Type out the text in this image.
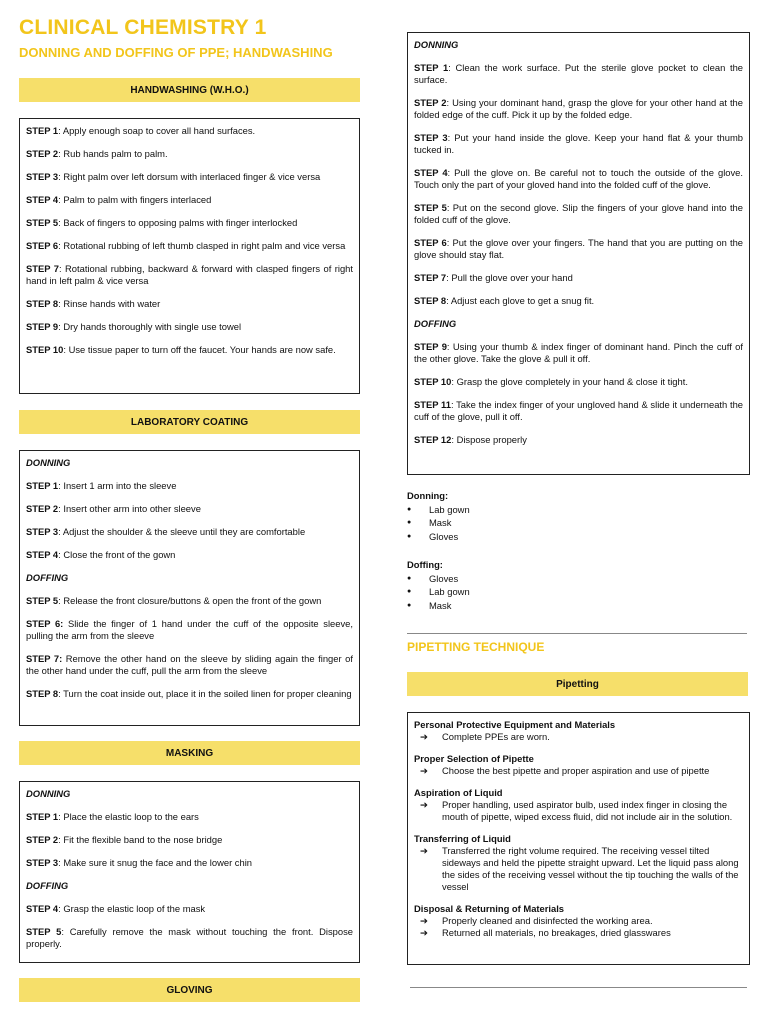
CLINICAL CHEMISTRY 1
DONNING AND DOFFING OF PPE; HANDWASHING
HANDWASHING (W.H.O.)

STEP 1: Apply enough soap to cover all hand surfaces.

STEP 2: Rub hands palm to palm.

STEP 3: Right palm over left dorsum with interlaced finger & vice versa

STEP 4: Palm to palm with fingers interlaced

STEP 5: Back of fingers to opposing palms with finger interlocked

STEP 6: Rotational rubbing of left thumb clasped in right palm and vice versa

STEP 7: Rotational rubbing, backward & forward with clasped fingers of right hand in left palm & vice versa

STEP 8: Rinse hands with water

STEP 9: Dry hands thoroughly with single use towel

STEP 10: Use tissue paper to turn off the faucet. Your hands are now safe.

LABORATORY COATING

DONNING

STEP 1: Insert 1 arm into the sleeve

STEP 2: Insert other arm into other sleeve

STEP 3: Adjust the shoulder & the sleeve until they are comfortable

STEP 4: Close the front of the gown

DOFFING

STEP 5: Release the front closure/buttons & open the front of the gown

STEP 6: Slide the finger of 1 hand under the cuff of the opposite sleeve, pulling the arm from the sleeve

STEP 7: Remove the other hand on the sleeve by sliding again the finger of the other hand under the cuff, pull the arm from the sleeve

STEP 8: Turn the coat inside out, place it in the soiled linen for proper cleaning

MASKING

DONNING

STEP 1: Place the elastic loop to the ears

STEP 2: Fit the flexible band to the nose bridge

STEP 3: Make sure it snug the face and the lower chin

DOFFING

STEP 4: Grasp the elastic loop of the mask

STEP 5: Carefully remove the mask without touching the front. Dispose properly.

GLOVING

DONNING

STEP 1: Clean the work surface. Put the sterile glove pocket to clean the surface.

STEP 2: Using your dominant hand, grasp the glove for your other hand at the folded edge of the cuff. Pick it up by the folded edge.

STEP 3: Put your hand inside the glove. Keep your hand flat & your thumb tucked in.

STEP 4: Pull the glove on. Be careful not to touch the outside of the glove. Touch only the part of your gloved hand into the folded cuff of the glove.

STEP 5: Put on the second glove. Slip the fingers of your glove hand into the folded cuff of the glove.

STEP 6: Put the glove over your fingers. The hand that you are putting on the glove should stay flat.

STEP 7: Pull the glove over your hand

STEP 8: Adjust each glove to get a snug fit.

DOFFING

STEP 9: Using your thumb & index finger of dominant hand. Pinch the cuff of the other glove. Take the glove & pull it off.

STEP 10: Grasp the glove completely in your hand & close it tight.

STEP 11: Take the index finger of your ungloved hand & slide it underneath the cuff of the glove, pull it off.

STEP 12: Dispose properly

Donning:
● Lab gown
● Mask
● Gloves
Doffing:
● Gloves
● Lab gown
● Mask
PIPETTING TECHNIQUE
Pipetting
Personal Protective Equipment and Materials
➔	Complete PPEs are worn.
Proper Selection of Pipette
➔	Choose the best pipette and proper aspiration and use of pipette
Aspiration of Liquid
➔	Proper handling, used aspirator bulb, used index finger in closing the mouth of pipette, wiped excess fluid, did not include air in the solution.
Transferring of Liquid
➔	Transferred the right volume required. The receiving vessel tilted sideways and held the pipette straight upward. Let the liquid pass along the sides of the receiving vessel without the tip touching the walls of the vessel
Disposal & Returning of Materials
➔	Properly cleaned and disinfected the working area.
➔	Returned all materials, no breakages, dried glasswares
